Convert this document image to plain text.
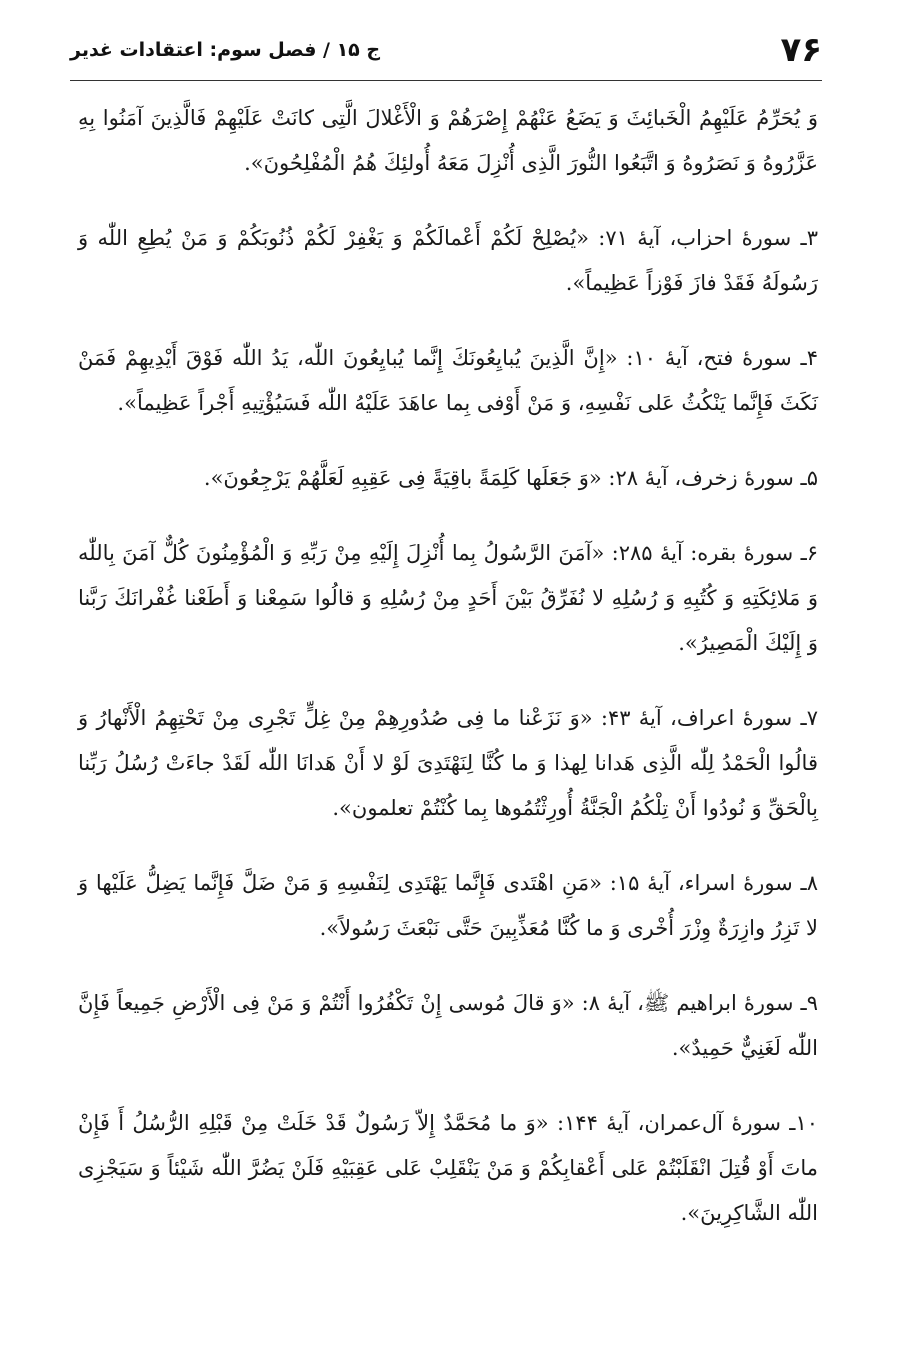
۷۶
ج ۱۵ / فصل سوم: اعتقادات غدیر

وَ يُحَرِّمُ عَلَيْهِمُ الْخَبائِثَ وَ يَضَعُ عَنْهُمْ إِصْرَهُمْ وَ الْأَغْلالَ الَّتِى كانَتْ عَلَيْهِمْ فَالَّذِينَ آمَنُوا بِهِ عَزَّرُوهُ وَ نَصَرُوهُ وَ اتَّبَعُوا النُّورَ الَّذِى أُنْزِلَ مَعَهُ أُولئِكَ هُمُ الْمُفْلِحُونَ».

۳ـ سورهٔ احزاب، آیهٔ ۷۱: «يُصْلِحْ لَكُمْ أَعْمالَكُمْ وَ يَغْفِرْ لَكُمْ ذُنُوبَكُمْ وَ مَنْ يُطِعِ اللّٰه وَ رَسُولَهُ فَقَدْ فازَ فَوْزاً عَظِيماً».

۴ـ سورهٔ فتح، آیهٔ ۱۰: «إِنَّ الَّذِينَ يُبايِعُونَكَ إِنَّما يُبايِعُونَ اللّٰه، يَدُ اللّٰه فَوْقَ أَيْدِيهِمْ فَمَنْ نَكَثَ فَإِنَّما يَنْكُثُ عَلى نَفْسِهِ، وَ مَنْ أَوْفى بِما عاهَدَ عَلَيْهُ اللّٰه فَسَيُؤْتِيهِ أَجْراً عَظِيماً».

۵ـ سورهٔ زخرف، آیهٔ ۲۸: «وَ جَعَلَها كَلِمَةً باقِيَةً فِى عَقِبِهِ لَعَلَّهُمْ يَرْجِعُونَ».

۶ـ سورهٔ بقره: آیهٔ ۲۸۵: «آمَنَ الرَّسُولُ بِما أُنْزِلَ إِلَيْهِ مِنْ رَبِّهِ وَ الْمُؤْمِنُونَ كُلٌّ آمَنَ بِاللّٰه وَ مَلائِكَتِهِ وَ كُتُبِهِ وَ رُسُلِهِ لا نُفَرِّقُ بَيْنَ أَحَدٍ مِنْ رُسُلِهِ وَ قالُوا سَمِعْنا وَ أَطَعْنا غُفْرانَكَ رَبَّنا وَ إِلَيْكَ الْمَصِيرُ».

۷ـ سورهٔ اعراف، آیهٔ ۴۳: «وَ نَزَعْنا ما فِى صُدُورِهِمْ مِنْ غِلٍّ تَجْرِى مِنْ تَحْتِهِمُ الْأَنْهارُ وَ قالُوا الْحَمْدُ لِلّٰه الَّذِى هَدانا لِهذا وَ ما كُنَّا لِنَهْتَدِىَ لَوْ لا أَنْ هَدانَا اللّٰه لَقَدْ جاءَتْ رُسُلُ رَبِّنا بِالْحَقِّ وَ نُودُوا أَنْ تِلْكُمُ الْجَنَّةُ أُورِثْتُمُوها بِما كُنْتُمْ تعلمون».

۸ـ سورهٔ اسراء، آیهٔ ۱۵: «مَنِ اهْتَدى فَإِنَّما يَهْتَدِى لِنَفْسِهِ وَ مَنْ ضَلَّ فَإِنَّما يَضِلُّ عَلَيْها وَ لا تَزِرُ وازِرَةٌ وِزْرَ أُخْرى وَ ما كُنَّا مُعَذِّبِينَ حَتَّى نَبْعَثَ رَسُولاً».

۹ـ سورهٔ ابراهیم ﷺ، آیهٔ ۸: «وَ قالَ مُوسى إِنْ تَكْفُرُوا أَنْتُمْ وَ مَنْ فِى الْأَرْضِ جَمِيعاً فَإِنَّ اللّٰه لَغَنِيٌّ حَمِيدٌ».

۱۰ـ سورهٔ آل‌عمران، آیهٔ ۱۴۴: «وَ ما مُحَمَّدٌ إِلاّ رَسُولٌ قَدْ خَلَتْ مِنْ قَبْلِهِ الرُّسُلُ أَ فَإِنْ ماتَ أَوْ قُتِلَ انْقَلَبْتُمْ عَلى أَعْقابِكُمْ وَ مَنْ يَنْقَلِبْ عَلى عَقِبَيْهِ فَلَنْ يَضُرَّ اللّٰه شَيْئاً وَ سَيَجْزِى اللّٰه الشَّاكِرِينَ».
